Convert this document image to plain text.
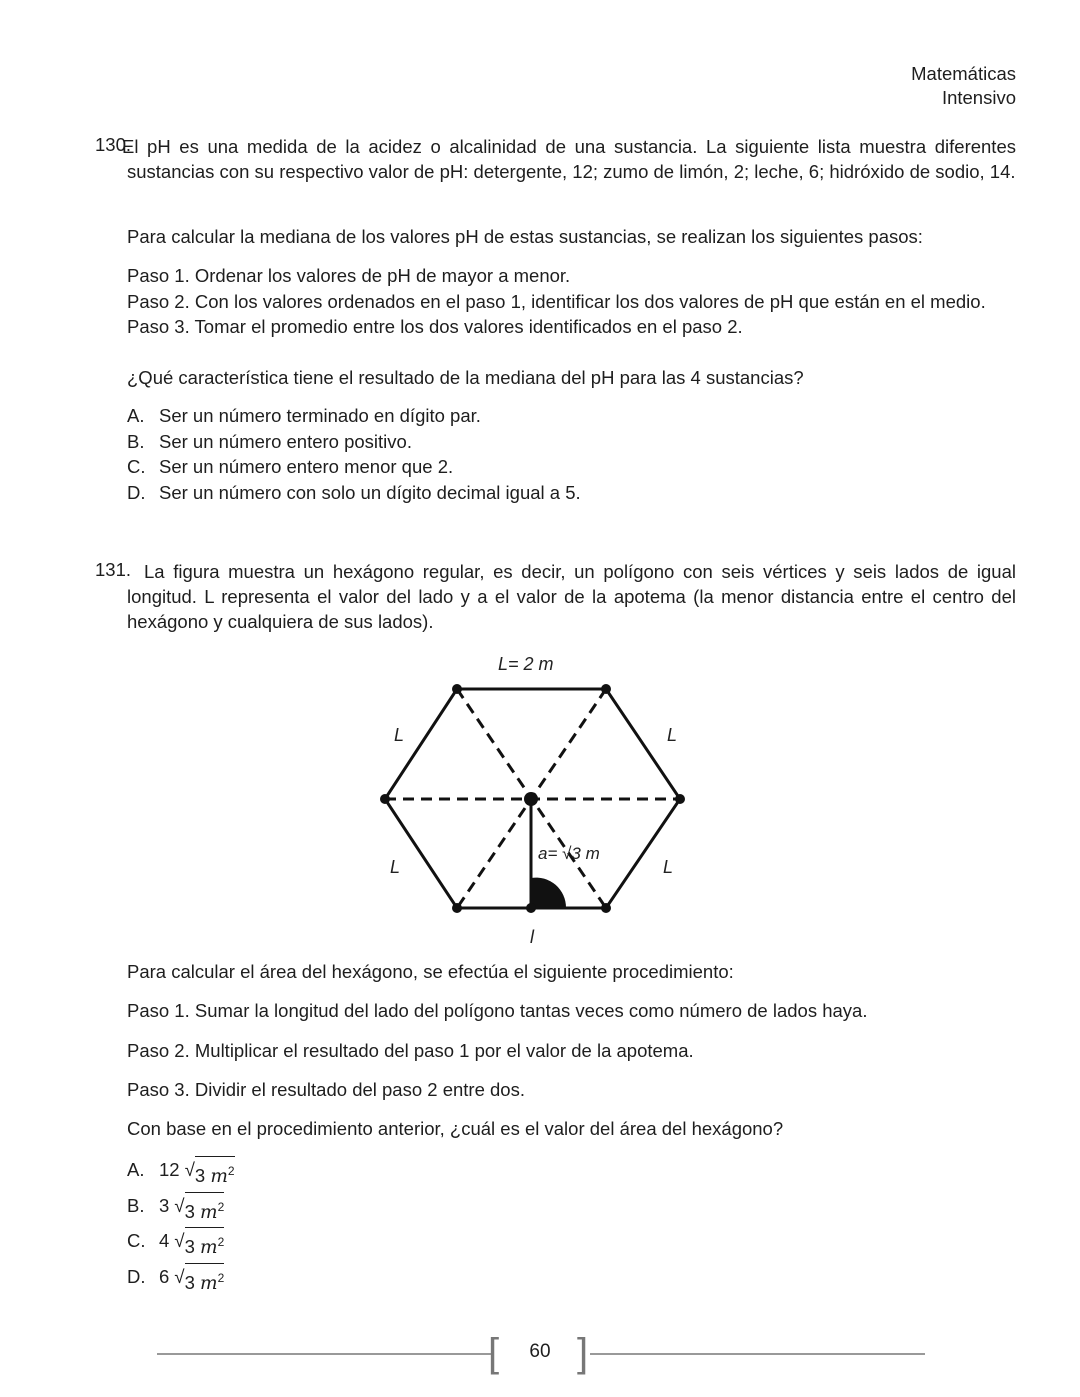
Matemáticas
Intensivo
130.
El pH es una medida de la acidez o alcalinidad de una sustancia. La siguiente lista muestra diferentes sustancias con su respectivo valor de pH: detergente, 12; zumo de limón, 2; leche, 6; hidróxido de sodio, 14.
Para calcular la mediana de los valores pH de estas sustancias, se realizan los siguientes pasos:
Paso 1. Ordenar los valores de pH de mayor a menor.
Paso 2. Con los valores ordenados en el paso 1, identificar los dos valores de pH que están en el medio.
Paso 3. Tomar el promedio entre los dos valores identificados en el paso 2.
¿Qué característica tiene el resultado de la mediana del pH para las 4 sustancias?
A. Ser un número terminado en dígito par.
B. Ser un número entero positivo.
C. Ser un número entero menor que 2.
D. Ser un número con solo un dígito decimal igual a 5.
131. La figura muestra un hexágono regular, es decir, un polígono con seis vértices y seis lados de igual longitud. L representa el valor del lado y a el valor de la apotema (la menor distancia entre el centro del hexágono y cualquiera de sus lados).
L= 2 m
L	L
L	L
a= √3 m
l
Para calcular el área del hexágono, se efectúa el siguiente procedimiento:
Paso 1. Sumar la longitud del lado del polígono tantas veces como número de lados haya.
Paso 2. Multiplicar el resultado del paso 1 por el valor de la apotema.
Paso 3. Dividir el resultado del paso 2 entre dos.
Con base en el procedimiento anterior, ¿cuál es el valor del área del hexágono?
A. 12 √ 3 $m^2$
B. 3 √ 3 $m^2$
C. 4 √ 3 $m^2$
D. 6 √ 3 $m^2$
[ ]
60
